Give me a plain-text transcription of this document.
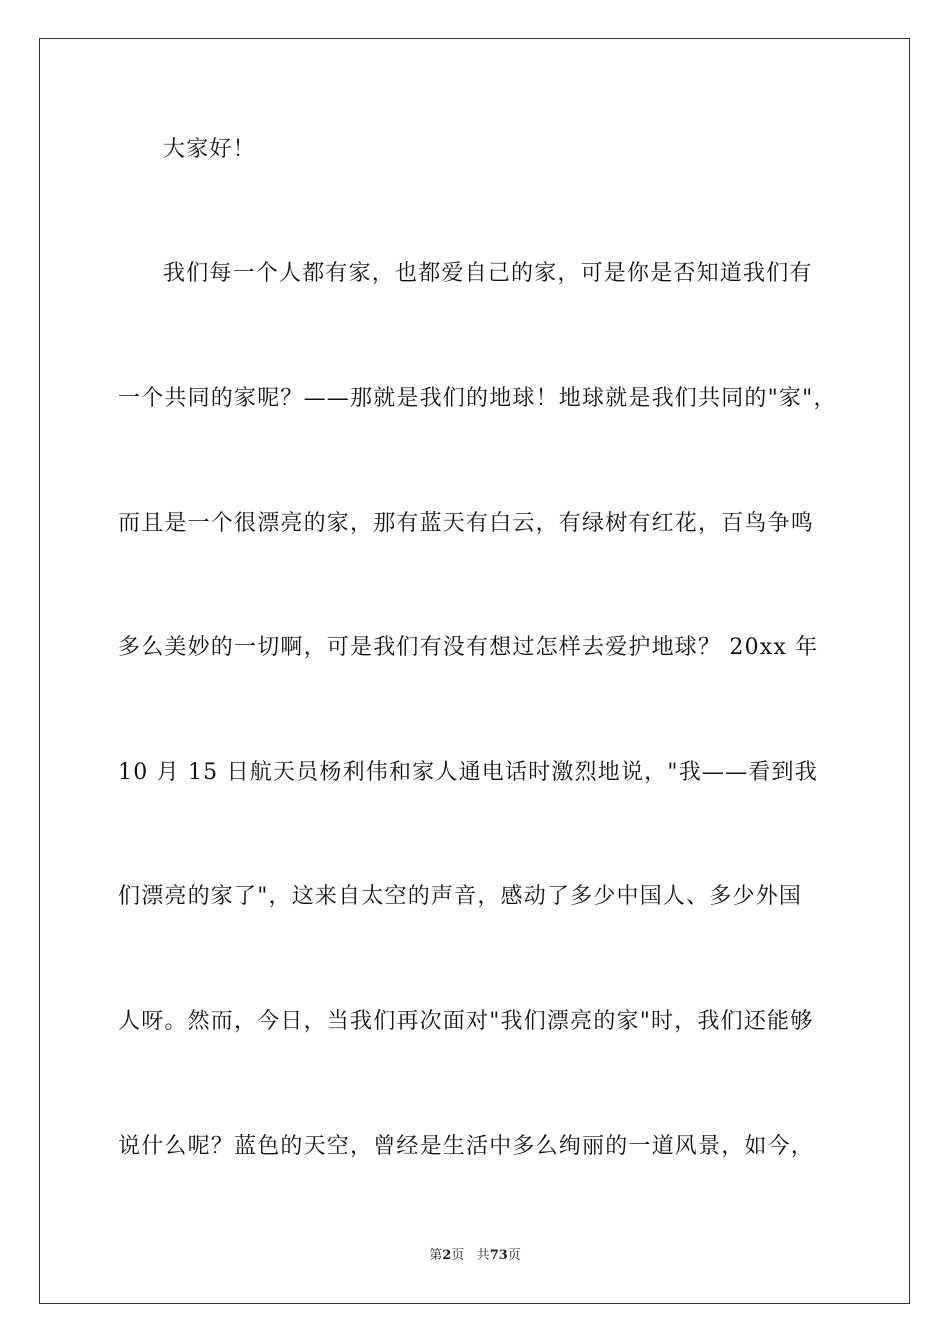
大家好！
我们每一个人都有家，也都爱自己的家，可是你是否知道我们有
一个共同的家呢？——那就是我们的地球！地球就是我们共同的"家"，
而且是一个很漂亮的家，那有蓝天有白云，有绿树有红花，百鸟争鸣
多么美妙的一切啊，可是我们有没有想过怎样去爱护地球？ 20xx 年
10 月 15 日航天员杨利伟和家人通电话时激烈地说，"我——看到我
们漂亮的家了"，这来自太空的声音，感动了多少中国人、多少外国
人呀。然而，今日，当我们再次面对"我们漂亮的家"时，我们还能够
说什么呢？蓝色的天空，曾经是生活中多么绚丽的一道风景，如今，
第2页 共73页
